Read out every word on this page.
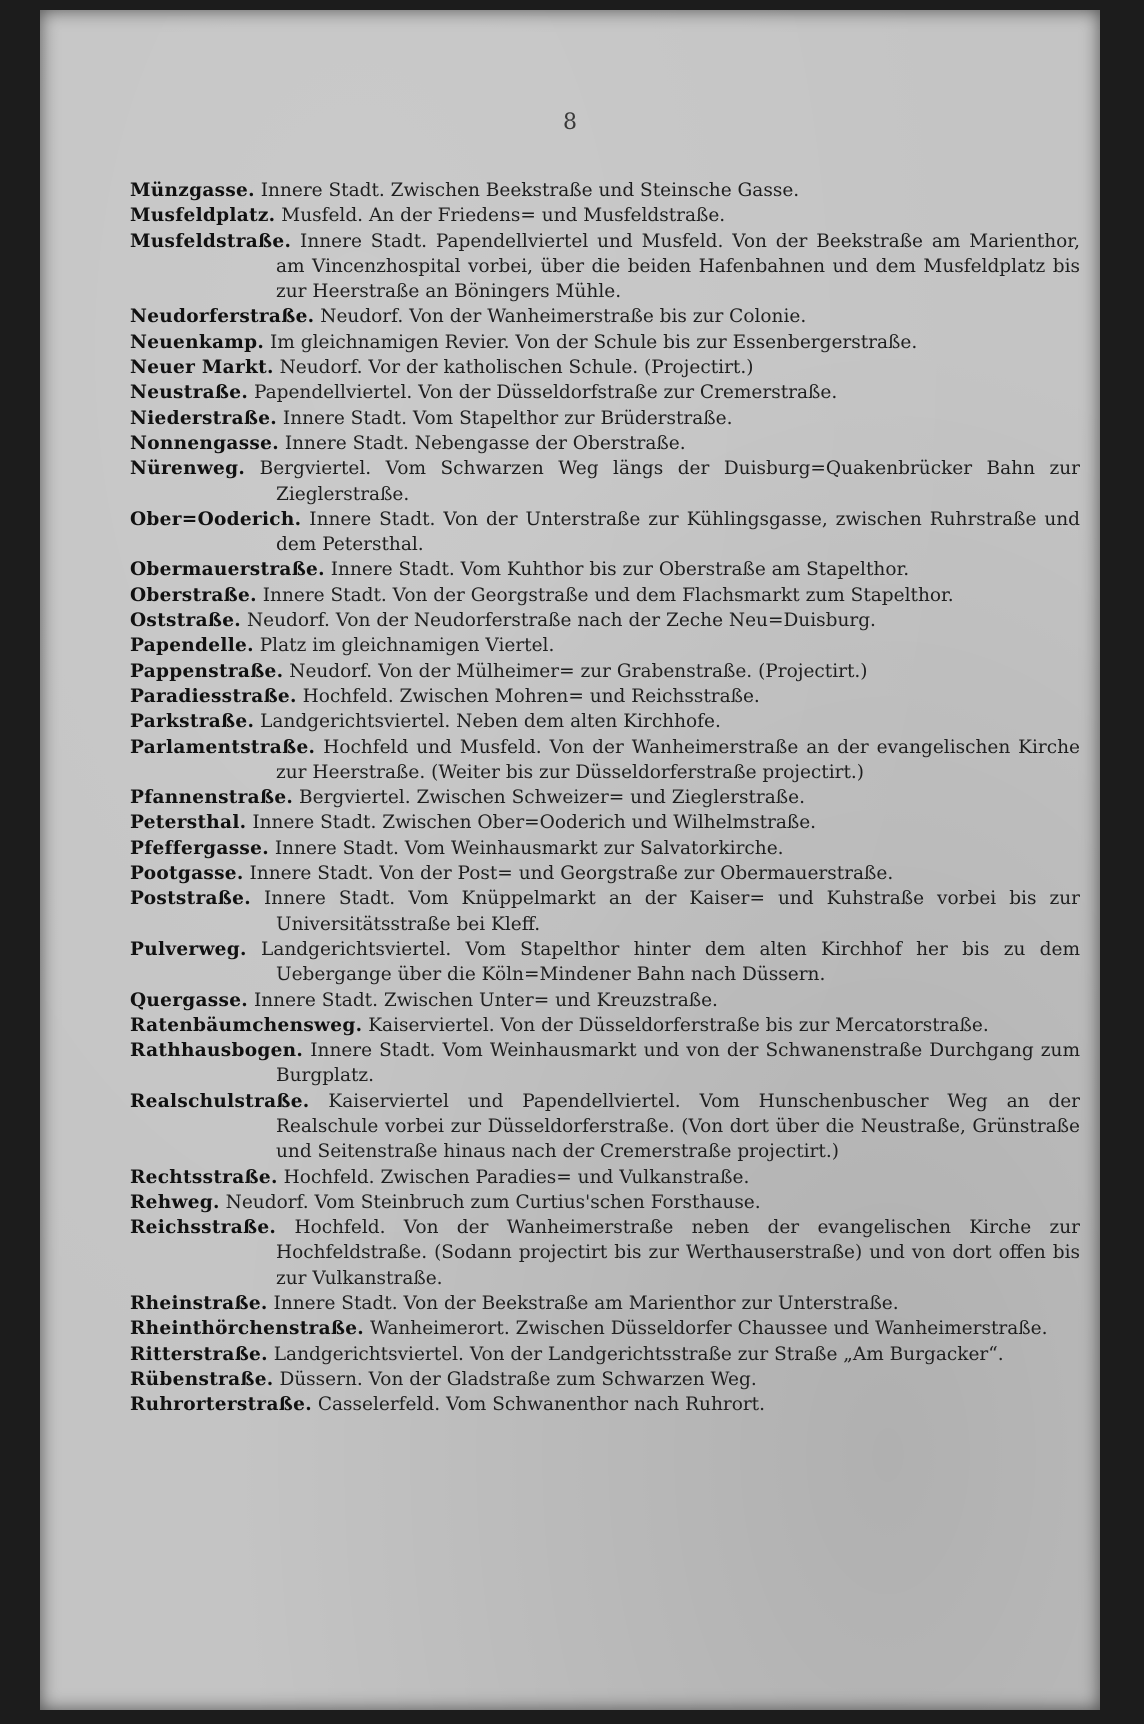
8
Münzgasse. Innere Stadt. Zwischen Beekstraße und Steinsche Gasse.
Musfeldplatz. Musfeld. An der Friedens= und Musfeldstraße.
Musfeldstraße. Innere Stadt. Papendellviertel und Musfeld. Von der Beekstraße am Marienthor, am Vincenzhospital vorbei, über die beiden Hafenbahnen und dem Musfeldplatz bis zur Heerstraße an Böningers Mühle.
Neudorferstraße. Neudorf. Von der Wanheimerstraße bis zur Colonie.
Neuenkamp. Im gleichnamigen Revier. Von der Schule bis zur Essenbergerstraße.
Neuer Markt. Neudorf. Vor der katholischen Schule. (Projectirt.)
Neustraße. Papendellviertel. Von der Düsseldorfstraße zur Cremerstraße.
Niederstraße. Innere Stadt. Vom Stapelthor zur Brüderstraße.
Nonnengasse. Innere Stadt. Nebengasse der Oberstraße.
Nürenweg. Bergviertel. Vom Schwarzen Weg längs der Duisburg=Quakenbrücker Bahn zur Zieglerstraße.
Ober=Ooderich. Innere Stadt. Von der Unterstraße zur Kühlingsgasse, zwischen Ruhrstraße und dem Petersthal.
Obermauerstraße. Innere Stadt. Vom Kuhthor bis zur Oberstraße am Stapelthor.
Oberstraße. Innere Stadt. Von der Georgstraße und dem Flachsmarkt zum Stapelthor.
Oststraße. Neudorf. Von der Neudorferstraße nach der Zeche Neu=Duisburg.
Papendelle. Platz im gleichnamigen Viertel.
Pappenstraße. Neudorf. Von der Mülheimer= zur Grabenstraße. (Projectirt.)
Paradiesstraße. Hochfeld. Zwischen Mohren= und Reichsstraße.
Parkstraße. Landgerichtsviertel. Neben dem alten Kirchhofe.
Parlamentstraße. Hochfeld und Musfeld. Von der Wanheimerstraße an der evangelischen Kirche zur Heerstraße. (Weiter bis zur Düsseldorferstraße projectirt.)
Pfannenstraße. Bergviertel. Zwischen Schweizer= und Zieglerstraße.
Petersthal. Innere Stadt. Zwischen Ober=Ooderich und Wilhelmstraße.
Pfeffergasse. Innere Stadt. Vom Weinhausmarkt zur Salvatorkirche.
Pootgasse. Innere Stadt. Von der Post= und Georgstraße zur Obermauerstraße.
Poststraße. Innere Stadt. Vom Knüppelmarkt an der Kaiser= und Kuhstraße vorbei bis zur Universitätsstraße bei Kleff.
Pulverweg. Landgerichtsviertel. Vom Stapelthor hinter dem alten Kirchhof her bis zu dem Uebergange über die Köln=Mindener Bahn nach Düssern.
Quergasse. Innere Stadt. Zwischen Unter= und Kreuzstraße.
Ratenbäumchensweg. Kaiserviertel. Von der Düsseldorferstraße bis zur Mercatorstraße.
Rathhausbogen. Innere Stadt. Vom Weinhausmarkt und von der Schwanenstraße Durchgang zum Burgplatz.
Realschulstraße. Kaiserviertel und Papendellviertel. Vom Hunschenbuscher Weg an der Realschule vorbei zur Düsseldorferstraße. (Von dort über die Neustraße, Grünstraße und Seitenstraße hinaus nach der Cremerstraße projectirt.)
Rechtsstraße. Hochfeld. Zwischen Paradies= und Vulkanstraße.
Rehweg. Neudorf. Vom Steinbruch zum Curtius'schen Forsthause.
Reichsstraße. Hochfeld. Von der Wanheimerstraße neben der evangelischen Kirche zur Hochfeldstraße. (Sodann projectirt bis zur Werthauserstraße) und von dort offen bis zur Vulkanstraße.
Rheinstraße. Innere Stadt. Von der Beekstraße am Marienthor zur Unterstraße.
Rheinthörchenstraße. Wanheimerort. Zwischen Düsseldorfer Chaussee und Wanheimerstraße.
Ritterstraße. Landgerichtsviertel. Von der Landgerichtsstraße zur Straße „Am Burgacker“.
Rübenstraße. Düssern. Von der Gladstraße zum Schwarzen Weg.
Ruhrorterstraße. Casselerfeld. Vom Schwanenthor nach Ruhrort.
